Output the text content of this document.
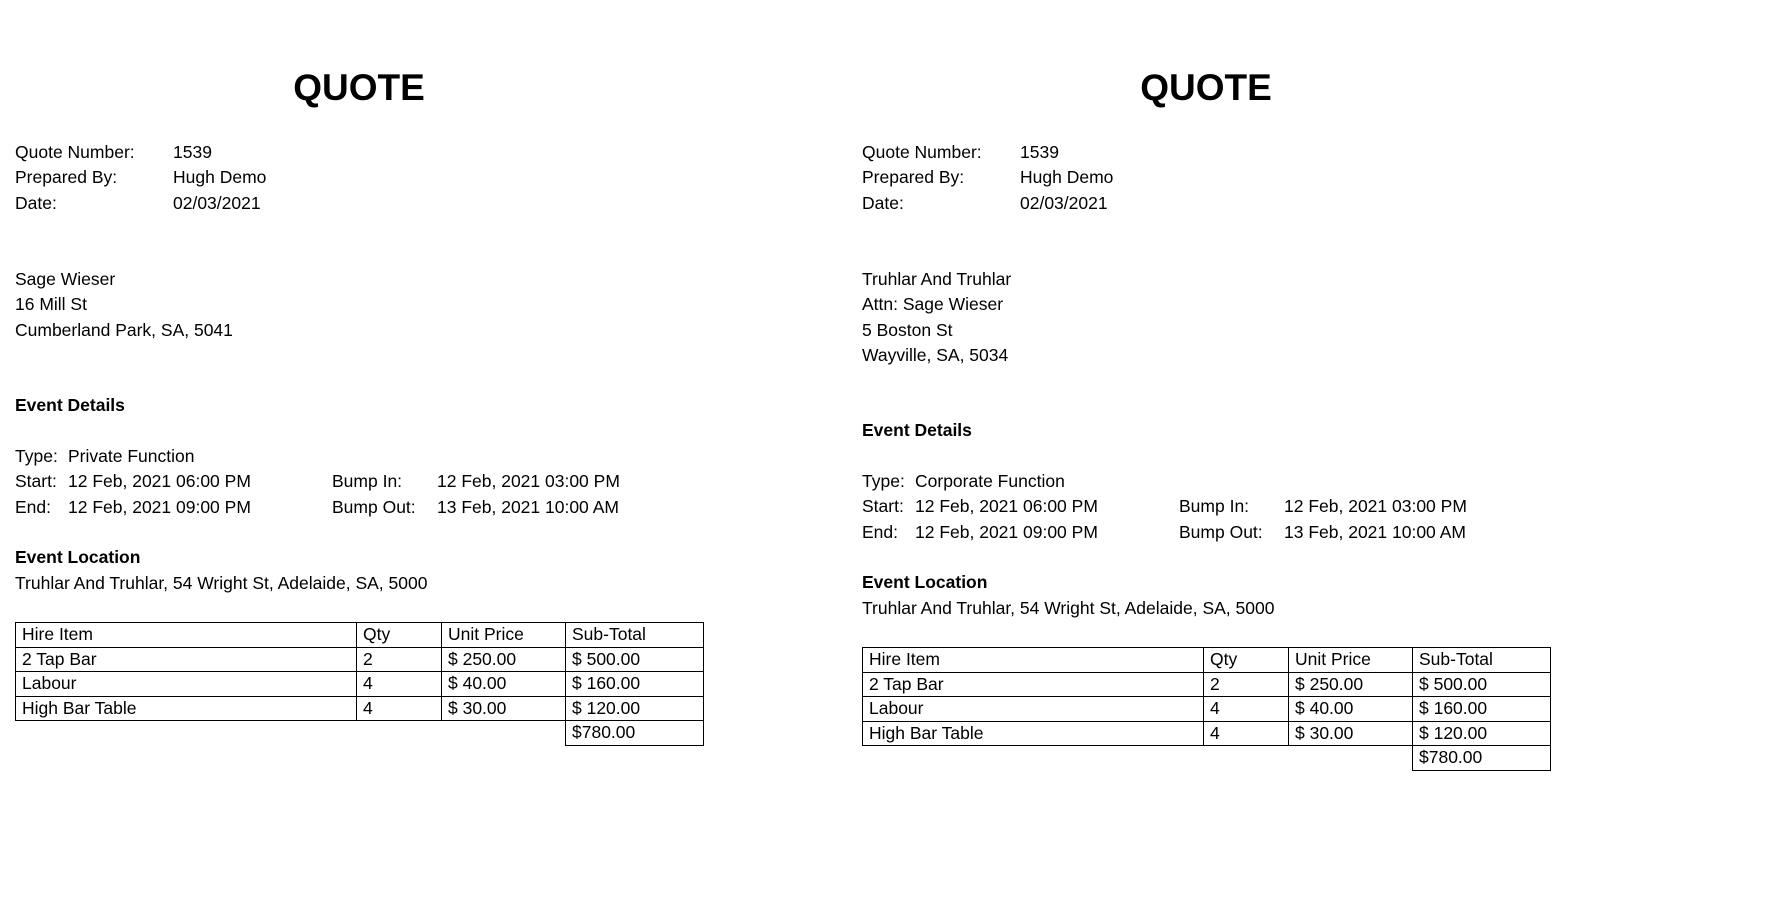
QUOTE
Quote Number: 1539
Prepared By:	Hugh Demo
Date:	02/03/2021
Sage Wieser
16 Mill St
Cumberland Park, SA, 5041
Event Details
Type: Private Function
Start: 12 Feb, 2021 06:00 PM	Bump In: 12 Feb, 2021 03:00 PM
End: 12 Feb, 2021 09:00 PM	Bump Out: 13 Feb, 2021 10:00 AM
Event Location
Truhlar And Truhlar, 54 Wright St, Adelaide, SA, 5000
Hire Item	Qty	Unit Price	Sub-Total
2 Tap Bar	2	$ 250.00	$ 500.00
Labour	4	$ 40.00	$ 160.00
High Bar Table	4	$ 30.00	$ 120.00
			$780.00
QUOTE
Quote Number: 1539
Prepared By:	Hugh Demo
Date:	02/03/2021
Truhlar And Truhlar
Attn: Sage Wieser
5 Boston St
Wayville, SA, 5034
Event Details
Type: Corporate Function
Start: 12 Feb, 2021 06:00 PM	Bump In: 12 Feb, 2021 03:00 PM
End: 12 Feb, 2021 09:00 PM	Bump Out: 13 Feb, 2021 10:00 AM
Event Location
Truhlar And Truhlar, 54 Wright St, Adelaide, SA, 5000
Hire Item	Qty	Unit Price	Sub-Total
2 Tap Bar	2	$ 250.00	$ 500.00
Labour	4	$ 40.00	$ 160.00
High Bar Table	4	$ 30.00	$ 120.00
			$780.00
